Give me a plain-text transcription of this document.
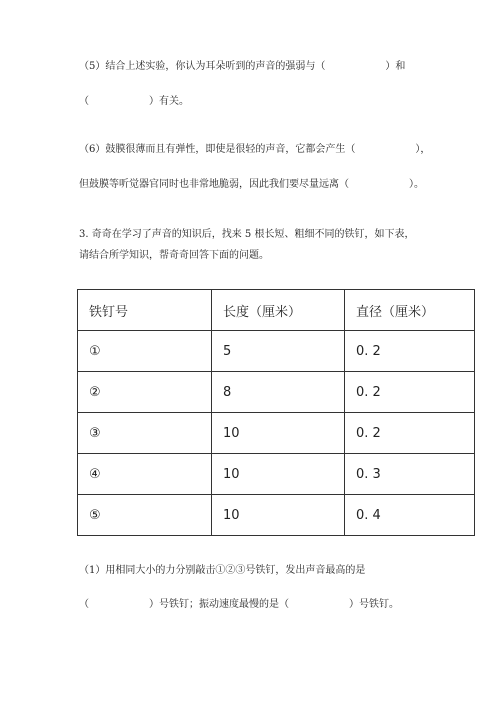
（5）结合上述实验，你认为耳朵听到的声音的强弱与（　　　　　　）和
（　　　　　　）有关。
（6）鼓膜很薄而且有弹性，即使是很轻的声音，它都会产生（　　　　　　），
但鼓膜等听觉器官同时也非常地脆弱，因此我们要尽量远离（　　　　　　）。
3. 奇奇在学习了声音的知识后，找来 5 根长短、粗细不同的铁钉，如下表，
请结合所学知识，帮奇奇回答下面的问题。
铁钉号	长度（厘米）	直径（厘米）
①	5	0. 2
②	8	0. 2
③	10	0. 2
④	10	0. 3
⑤	10	0. 4
（1）用相同大小的力分别敲击①②③号铁钉，发出声音最高的是
（　　　　　　）号铁钉；振动速度最慢的是（　　　　　　）号铁钉。
